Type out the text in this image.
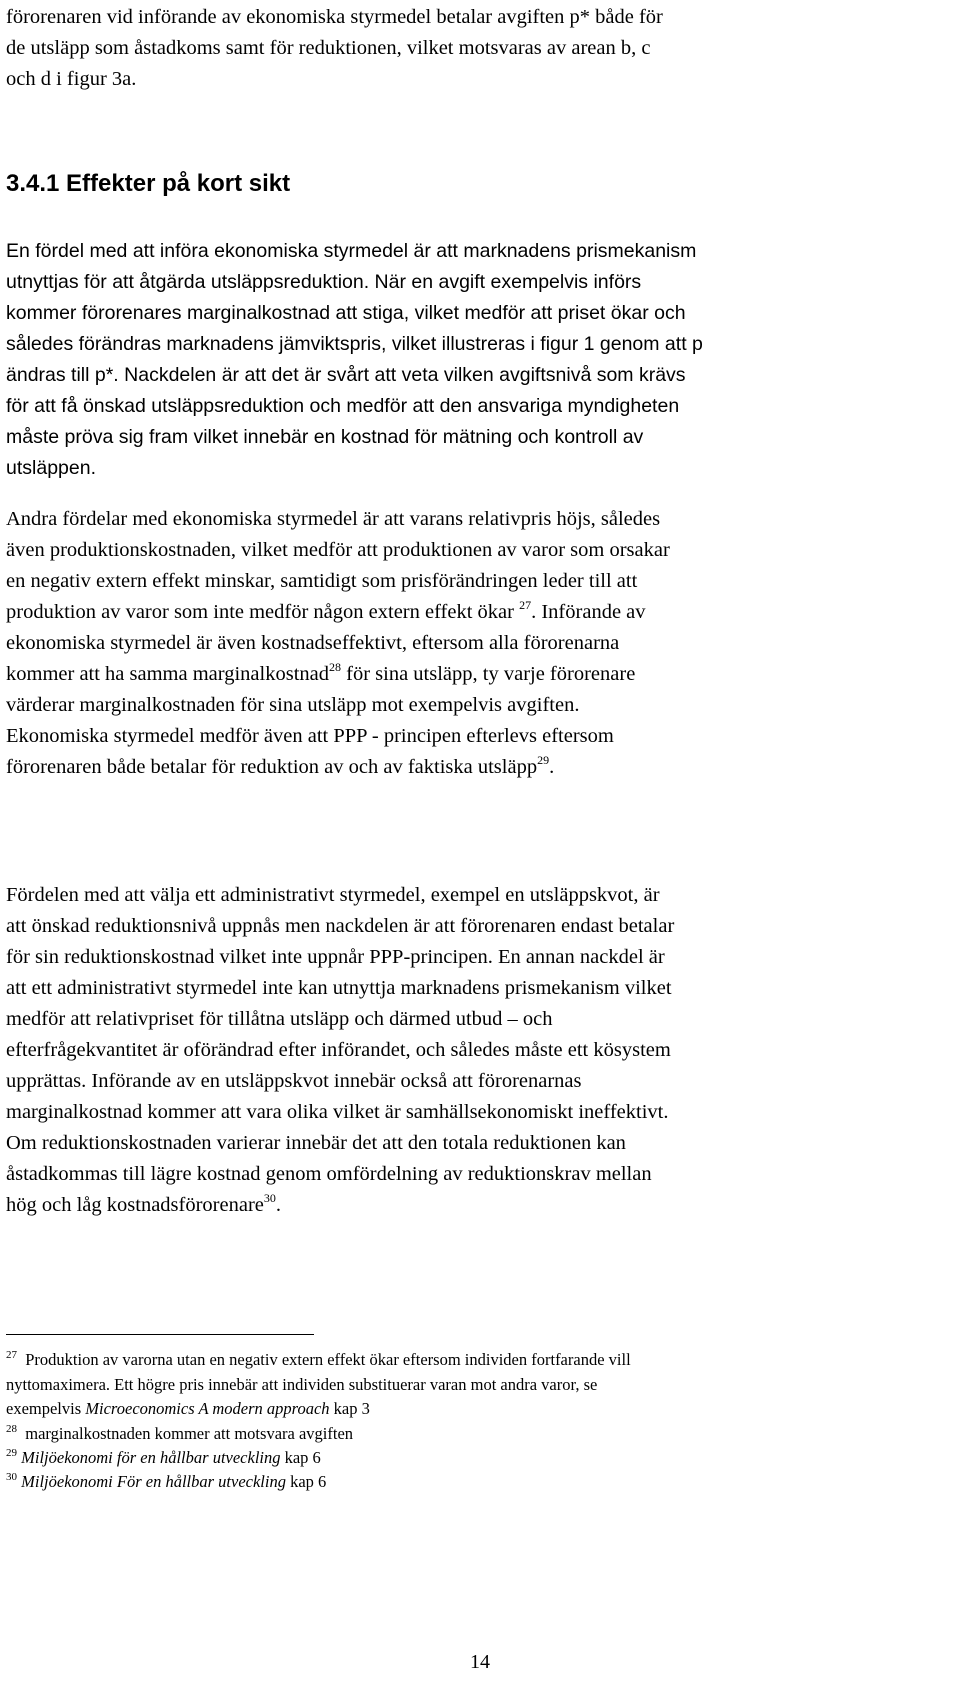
förorenaren vid införande av ekonomiska styrmedel betalar avgiften p* både för
de utsläpp som åstadkoms samt för reduktionen, vilket motsvaras av arean b, c
och d i figur 3a.

3.4.1 Effekter på kort sikt

En fördel med att införa ekonomiska styrmedel är att marknadens prismekanism
utnyttjas för att åtgärda utsläppsreduktion. När en avgift exempelvis införs
kommer förorenares marginalkostnad att stiga, vilket medför att priset ökar och
således förändras marknadens jämviktspris, vilket illustreras i figur 1 genom att p
ändras till p*. Nackdelen är att det är svårt att veta vilken avgiftsnivå som krävs
för att få önskad utsläppsreduktion och medför att den ansvariga myndigheten
måste pröva sig fram vilket innebär en kostnad för mätning och kontroll av
utsläppen.

Andra fördelar med ekonomiska styrmedel är att varans relativpris höjs, således
även produktionskostnaden, vilket medför att produktionen av varor som orsakar
en negativ extern effekt minskar, samtidigt som prisförändringen leder till att
produktion av varor som inte medför någon extern effekt ökar $^{27}$. Införande av
ekonomiska styrmedel är även kostnadseffektivt, eftersom alla förorenarna
kommer att ha samma marginalkostnad$^{28}$ för sina utsläpp, ty varje förorenare
värderar marginalkostnaden för sina utsläpp mot exempelvis avgiften.
Ekonomiska styrmedel medför även att PPP - principen efterlevs eftersom
förorenaren både betalar för reduktion av och av faktiska utsläpp$^{29}$.

Fördelen med att välja ett administrativt styrmedel, exempel en utsläppskvot, är
att önskad reduktionsnivå uppnås men nackdelen är att förorenaren endast betalar
för sin reduktionskostnad vilket inte uppnår PPP-principen. En annan nackdel är
att ett administrativt styrmedel inte kan utnyttja marknadens prismekanism vilket
medför att relativpriset för tillåtna utsläpp och därmed utbud – och
efterfrågekvantitet är oförändrad efter införandet, och således måste ett kösystem
upprättas. Införande av en utsläppskvot innebär också att förorenarnas
marginalkostnad kommer att vara olika vilket är samhällsekonomiskt ineffektivt.
Om reduktionskostnaden varierar innebär det att den totala reduktionen kan
åstadkommas till lägre kostnad genom omfördelning av reduktionskrav mellan
hög och låg kostnadsförorenare$^{30}$.

$^{27}$ Produktion av varorna utan en negativ extern effekt ökar eftersom individen fortfarande vill
nyttomaximera. Ett högre pris innebär att individen substituerar varan mot andra varor, se
exempelvis Microeconomics A modern approach kap 3
$^{28}$ marginalkostnaden kommer att motsvara avgiften
$^{29}$ Miljöekonomi för en hållbar utveckling kap 6
$^{30}$ Miljöekonomi För en hållbar utveckling kap 6
14
